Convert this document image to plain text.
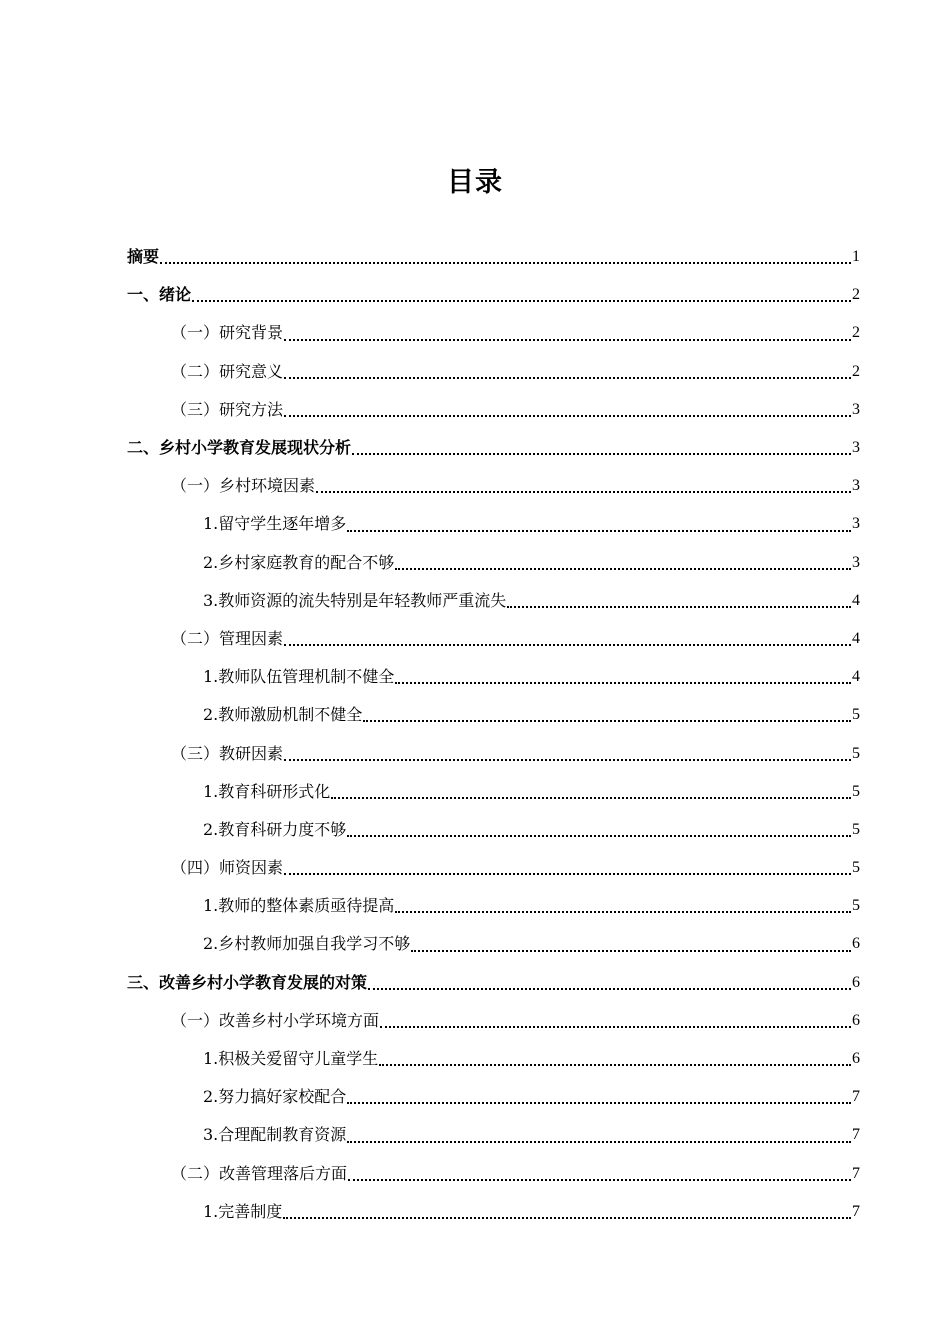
目录
摘要	1
一、绪论	2
（一）研究背景	2
（二）研究意义	2
（三）研究方法	3
二、乡村小学教育发展现状分析	3
（一）乡村环境因素	3
1.留守学生逐年增多	3
2.乡村家庭教育的配合不够	3
3.教师资源的流失特别是年轻教师严重流失	4
（二）管理因素	4
1.教师队伍管理机制不健全	4
2.教师激励机制不健全	5
（三）教研因素	5
1.教育科研形式化	5
2.教育科研力度不够	5
（四）师资因素	5
1.教师的整体素质亟待提高	5
2.乡村教师加强自我学习不够	6
三、改善乡村小学教育发展的对策	6
（一）改善乡村小学环境方面	6
1.积极关爱留守儿童学生	6
2.努力搞好家校配合	7
3.合理配制教育资源	7
（二）改善管理落后方面	7
1.完善制度	7
